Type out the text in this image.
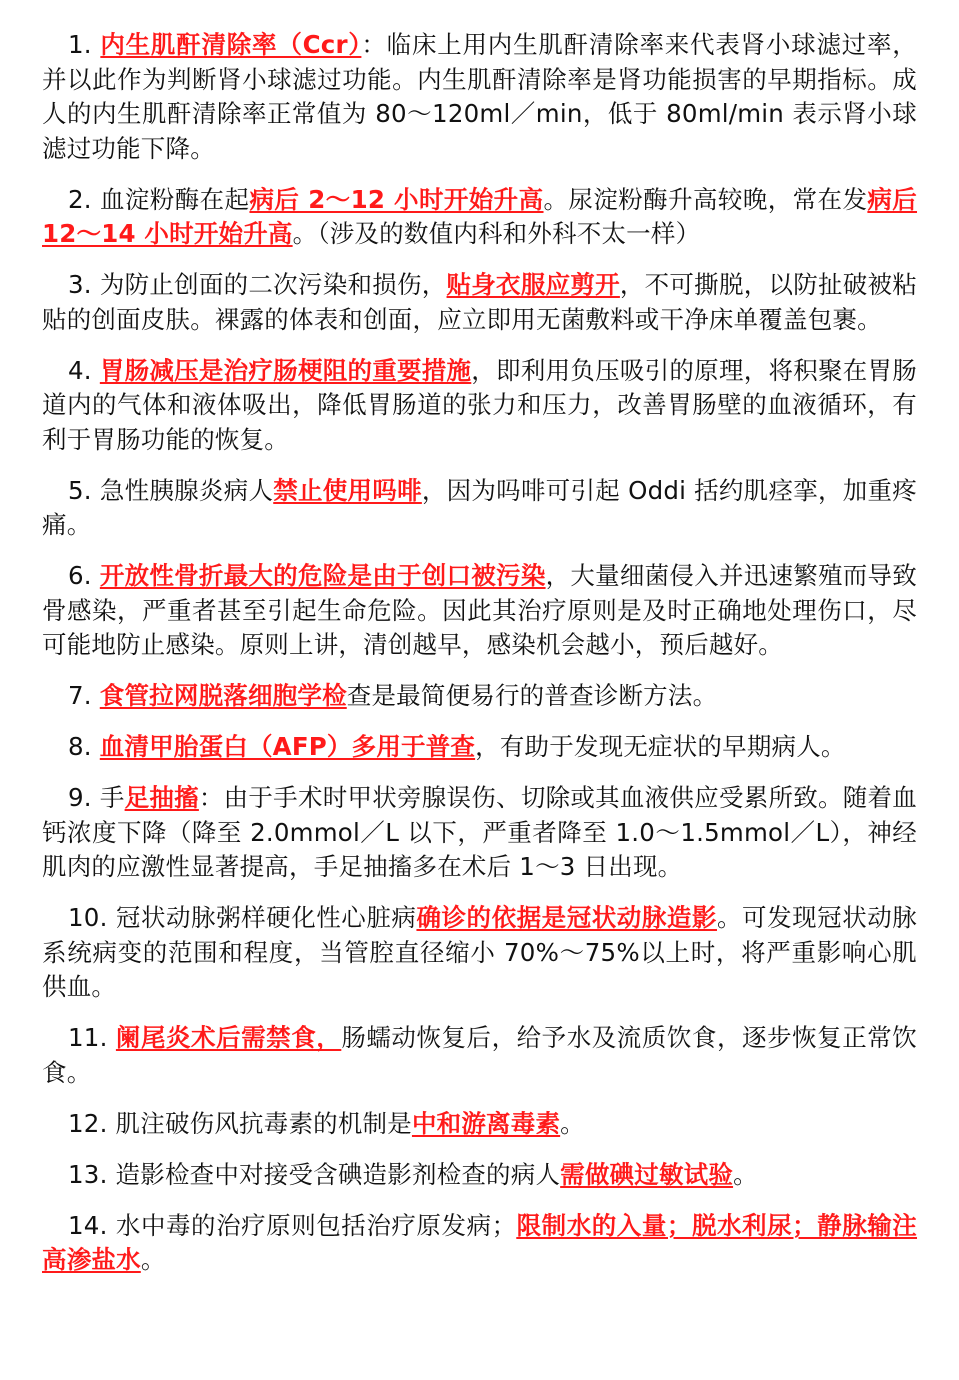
1. 内生肌酐清除率（Ccr）：临床上用内生肌酐清除率来代表肾小球滤过率，并以此作为判断肾小球滤过功能。内生肌酐清除率是肾功能损害的早期指标。成人的内生肌酐清除率正常值为 80～120ml／min，低于 80ml/min 表示肾小球滤过功能下降。

2. 血淀粉酶在起病后 2～12 小时开始升高。尿淀粉酶升高较晚，常在发病后 12～14 小时开始升高。（涉及的数值内科和外科不太一样）

3. 为防止创面的二次污染和损伤，贴身衣服应剪开，不可撕脱，以防扯破被粘贴的创面皮肤。裸露的体表和创面，应立即用无菌敷料或干净床单覆盖包裹。

4. 胃肠减压是治疗肠梗阻的重要措施，即利用负压吸引的原理，将积聚在胃肠道内的气体和液体吸出，降低胃肠道的张力和压力，改善胃肠壁的血液循环，有利于胃肠功能的恢复。

5. 急性胰腺炎病人禁止使用吗啡，因为吗啡可引起 Oddi 括约肌痉挛，加重疼痛。

6. 开放性骨折最大的危险是由于创口被污染，大量细菌侵入并迅速繁殖而导致骨感染，严重者甚至引起生命危险。因此其治疗原则是及时正确地处理伤口，尽可能地防止感染。原则上讲，清创越早，感染机会越小，预后越好。

7. 食管拉网脱落细胞学检查是最简便易行的普查诊断方法。

8. 血清甲胎蛋白（AFP）多用于普查，有助于发现无症状的早期病人。

9. 手足抽搐：由于手术时甲状旁腺误伤、切除或其血液供应受累所致。随着血钙浓度下降（降至 2.0mmol／L 以下，严重者降至 1.0～1.5mmol／L），神经肌肉的应激性显著提高，手足抽搐多在术后 1～3 日出现。

10. 冠状动脉粥样硬化性心脏病确诊的依据是冠状动脉造影。可发现冠状动脉系统病变的范围和程度，当管腔直径缩小 70%～75%以上时，将严重影响心肌供血。

11. 阑尾炎术后需禁食，肠蠕动恢复后，给予水及流质饮食，逐步恢复正常饮食。

12. 肌注破伤风抗毒素的机制是中和游离毒素。

13. 造影检查中对接受含碘造影剂检查的病人需做碘过敏试验。

14. 水中毒的治疗原则包括治疗原发病；限制水的入量；脱水利尿；静脉输注高渗盐水。
